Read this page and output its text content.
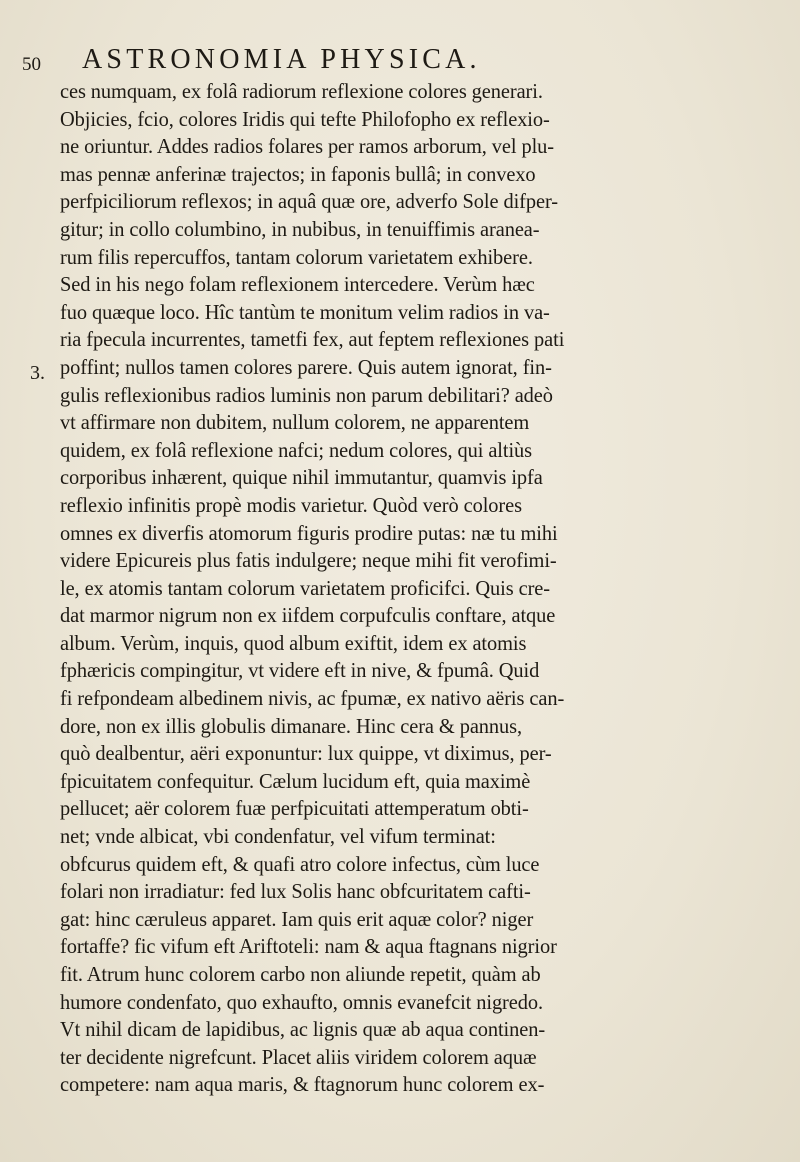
50 ASTRONOMIA PHYSICA.
3.
ces numquam, ex folâ radiorum reflexione colores generari.
Objicies, fcio, colores Iridis qui tefte Philofopho ex reflexio-
ne oriuntur. Addes radios folares per ramos arborum, vel plu-
mas pennæ anferinæ trajectos; in faponis bullâ; in convexo
perfpiciliorum reflexos; in aquâ quæ ore, adverfo Sole difper-
gitur; in collo columbino, in nubibus, in tenuiffimis aranea-
rum filis repercuffos, tantam colorum varietatem exhibere.
Sed in his nego folam reflexionem intercedere. Verùm hæc
fuo quæque loco. Hîc tantùm te monitum velim radios in va-
ria fpecula incurrentes, tametfi fex, aut feptem reflexiones pati
poffint; nullos tamen colores parere. Quis autem ignorat, fin-
gulis reflexionibus radios luminis non parum debilitari? adeò
vt affirmare non dubitem, nullum colorem, ne apparentem
quidem, ex folâ reflexione nafci; nedum colores, qui altiùs
corporibus inhærent, quique nihil immutantur, quamvis ipfa
reflexio infinitis propè modis varietur. Quòd verò colores
omnes ex diverfis atomorum figuris prodire putas: næ tu mihi
videre Epicureis plus fatis indulgere; neque mihi fit verofimi-
le, ex atomis tantam colorum varietatem proficifci. Quis cre-
dat marmor nigrum non ex iifdem corpufculis conftare, atque
album. Verùm, inquis, quod album exiftit, idem ex atomis
fphæricis compingitur, vt videre eft in nive, & fpumâ. Quid
fi refpondeam albedinem nivis, ac fpumæ, ex nativo aëris can-
dore, non ex illis globulis dimanare. Hinc cera & pannus,
quò dealbentur, aëri exponuntur: lux quippe, vt diximus, per-
fpicuitatem confequitur. Cælum lucidum eft, quia maximè
pellucet; aër colorem fuæ perfpicuitati attemperatum obti-
net; vnde albicat, vbi condenfatur, vel vifum terminat:
obfcurus quidem eft, & quafi atro colore infectus, cùm luce
folari non irradiatur: fed lux Solis hanc obfcuritatem cafti-
gat: hinc cæruleus apparet. Iam quis erit aquæ color? niger
fortaffe? fic vifum eft Ariftoteli: nam & aqua ftagnans nigrior
fit. Atrum hunc colorem carbo non aliunde repetit, quàm ab
humore condenfato, quo exhaufto, omnis evanefcit nigredo.
Vt nihil dicam de lapidibus, ac lignis quæ ab aqua continen-
ter decidente nigrefcunt. Placet aliis viridem colorem aquæ
competere: nam aqua maris, & ftagnorum hunc colorem ex-
